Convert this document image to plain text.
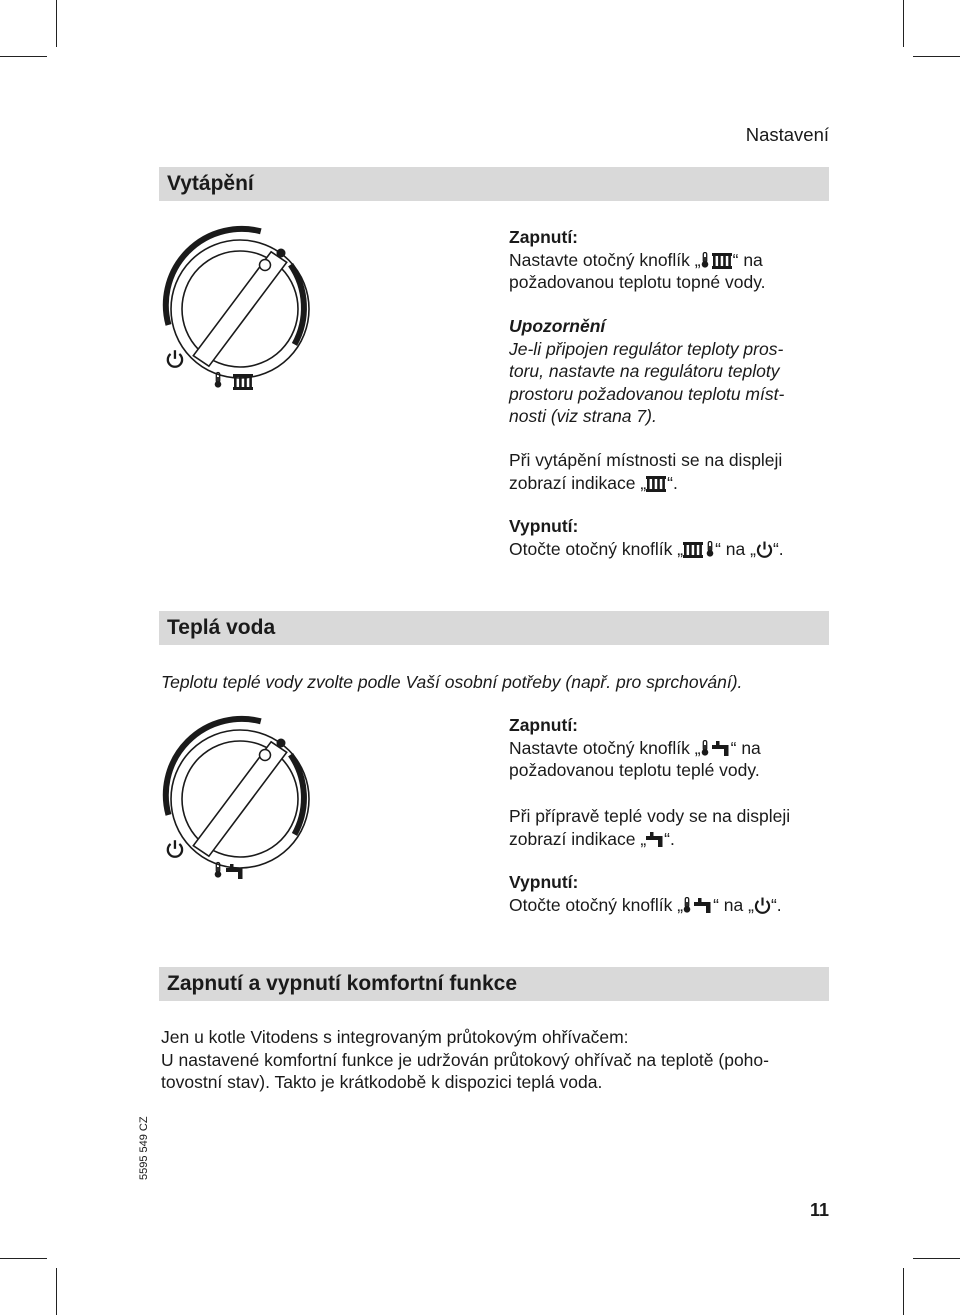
Nastavení
Vytápění
Zapnutí:
Nastavte otočný knoflík „ “ na
požadovanou teplotu topné vody.
Upozornění
Je-li připojen regulátor teploty pros-
toru, nastavte na regulátoru teploty
prostoru požadovanou teplotu míst-
nosti (viz strana 7).
Při vytápění místnosti se na displeji
zobrazí indikace „ “.
Vypnutí:
Otočte otočný knoflík „ “ na „ “.
Teplá voda
Teplotu teplé vody zvolte podle Vaší osobní potřeby (např. pro sprchování).
Zapnutí:
Nastavte otočný knoflík „ “ na
požadovanou teplotu teplé vody.
Při přípravě teplé vody se na displeji
zobrazí indikace „ “.
Vypnutí:
Otočte otočný knoflík „ “ na „ “.
Zapnutí a vypnutí komfortní funkce
Jen u kotle Vitodens s integrovaným průtokovým ohřívačem:
U nastavené komfortní funkce je udržován průtokový ohřívač na teplotě (poho-
tovostní stav). Takto je krátkodobě k dispozici teplá voda.
5595 549 CZ
11
